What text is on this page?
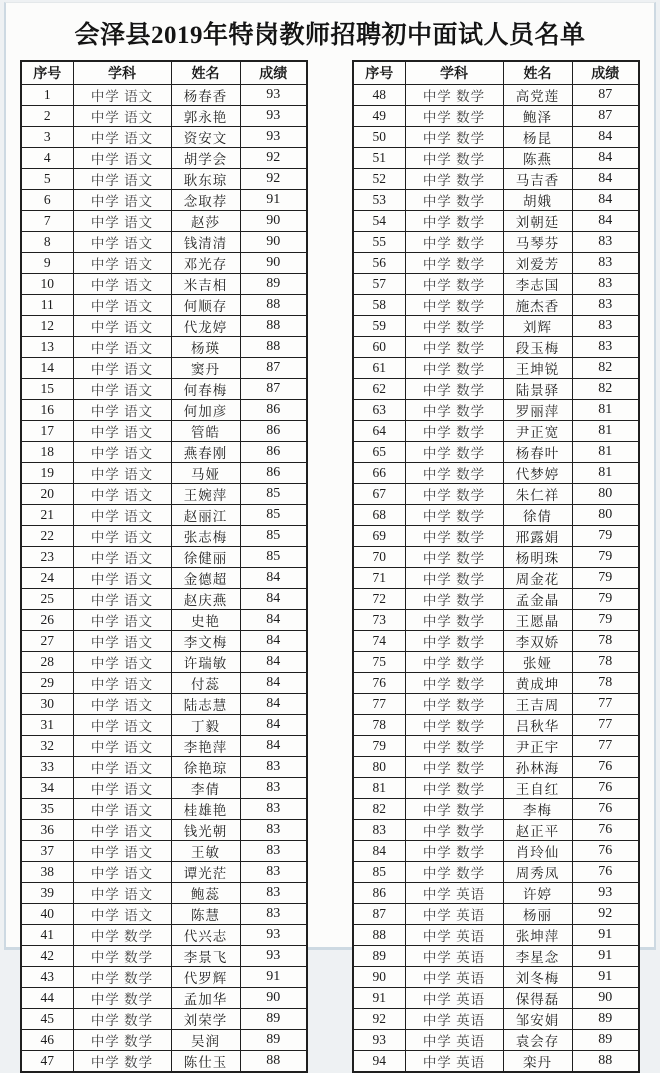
会泽县2019年特岗教师招聘初中面试人员名单
序号	学科	姓名	成绩
1	中学 语文	杨春香	93
2	中学 语文	郭永艳	93
3	中学 语文	资安文	93
4	中学 语文	胡学会	92
5	中学 语文	耿东琼	92
6	中学 语文	念取荐	91
7	中学 语文	赵莎	90
8	中学 语文	钱清清	90
9	中学 语文	邓光存	90
10	中学 语文	米吉相	89
11	中学 语文	何顺存	88
12	中学 语文	代龙婷	88
13	中学 语文	杨瑛	88
14	中学 语文	窦丹	87
15	中学 语文	何春梅	87
16	中学 语文	何加彦	86
17	中学 语文	管皓	86
18	中学 语文	燕春刚	86
19	中学 语文	马娅	86
20	中学 语文	王婉萍	85
21	中学 语文	赵丽江	85
22	中学 语文	张志梅	85
23	中学 语文	徐健丽	85
24	中学 语文	金德超	84
25	中学 语文	赵庆燕	84
26	中学 语文	史艳	84
27	中学 语文	李文梅	84
28	中学 语文	许瑞敏	84
29	中学 语文	付蕊	84
30	中学 语文	陆志慧	84
31	中学 语文	丁毅	84
32	中学 语文	李艳萍	84
33	中学 语文	徐艳琼	83
34	中学 语文	李倩	83
35	中学 语文	桂雄艳	83
36	中学 语文	钱光朝	83
37	中学 语文	王敏	83
38	中学 语文	谭光茫	83
39	中学 语文	鲍蕊	83
40	中学 语文	陈慧	83
41	中学 数学	代兴志	93
42	中学 数学	李景飞	93
43	中学 数学	代罗辉	91
44	中学 数学	孟加华	90
45	中学 数学	刘荣学	89
46	中学 数学	吴润	89
47	中学 数学	陈仕玉	88
序号	学科	姓名	成绩
48	中学 数学	高党莲	87
49	中学 数学	鲍泽	87
50	中学 数学	杨昆	84
51	中学 数学	陈燕	84
52	中学 数学	马吉香	84
53	中学 数学	胡娥	84
54	中学 数学	刘朝廷	84
55	中学 数学	马琴芬	83
56	中学 数学	刘爱芳	83
57	中学 数学	李志国	83
58	中学 数学	施杰香	83
59	中学 数学	刘辉	83
60	中学 数学	段玉梅	83
61	中学 数学	王坤锐	82
62	中学 数学	陆景驿	82
63	中学 数学	罗丽萍	81
64	中学 数学	尹正宽	81
65	中学 数学	杨春叶	81
66	中学 数学	代梦婷	81
67	中学 数学	朱仁祥	80
68	中学 数学	徐倩	80
69	中学 数学	邢露娟	79
70	中学 数学	杨明珠	79
71	中学 数学	周金花	79
72	中学 数学	孟金晶	79
73	中学 数学	王愿晶	79
74	中学 数学	李双娇	78
75	中学 数学	张娅	78
76	中学 数学	黄成坤	78
77	中学 数学	王吉周	77
78	中学 数学	吕秋华	77
79	中学 数学	尹正宇	77
80	中学 数学	孙林海	76
81	中学 数学	王自红	76
82	中学 数学	李梅	76
83	中学 数学	赵正平	76
84	中学 数学	肖玲仙	76
85	中学 数学	周秀凤	76
86	中学 英语	许婷	93
87	中学 英语	杨丽	92
88	中学 英语	张坤萍	91
89	中学 英语	李星念	91
90	中学 英语	刘冬梅	91
91	中学 英语	保得磊	90
92	中学 英语	邹安娟	89
93	中学 英语	袁会存	89
94	中学 英语	栾丹	88
